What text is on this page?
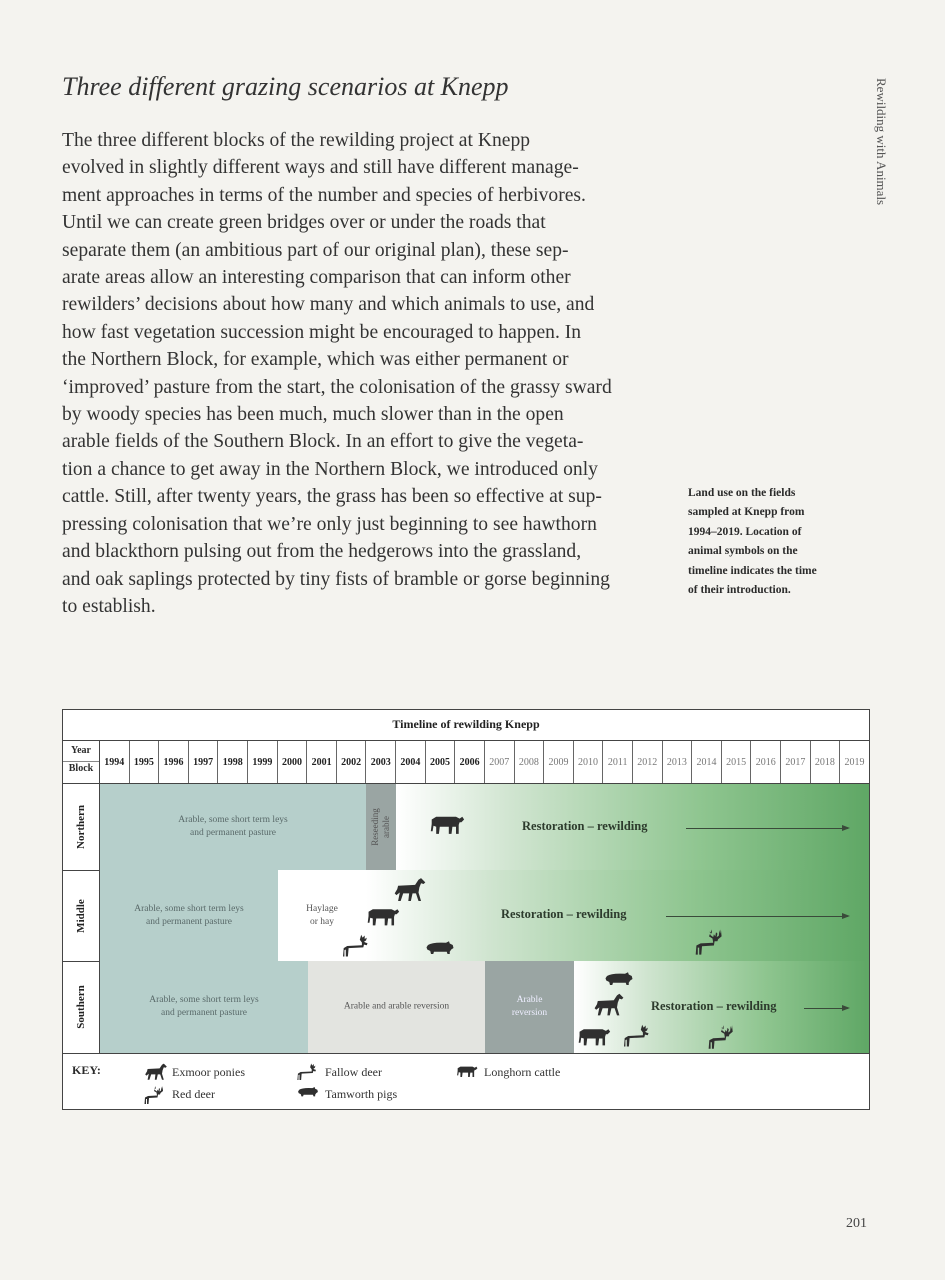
Three different grazing scenarios at Knepp	Rewilding with Animals
The three different blocks of the rewilding project at Knepp
evolved in slightly different ways and still have different manage-
ment approaches in terms of the number and species of herbivores.
Until we can create green bridges over or under the roads that
separate them (an ambitious part of our original plan), these sep-
arate areas allow an interesting comparison that can inform other
rewilders’ decisions about how many and which animals to use, and
how fast vegetation succession might be encouraged to happen. In
the Northern Block, for example, which was either permanent or
‘improved’ pasture from the start, the colonisation of the grassy sward
by woody species has been much, much slower than in the open
arable fields of the Southern Block. In an effort to give the vegeta-
tion a chance to get away in the Northern Block, we introduced only
cattle. Still, after twenty years, the grass has been so effective at sup-
pressing colonisation that we’re only just beginning to see hawthorn
and blackthorn pulsing out from the hedgerows into the grassland,
and oak saplings protected by tiny fists of bramble or gorse beginning
to establish.
Land use on the fields
sampled at Knepp from
1994–2019. Location of
animal symbols on the
timeline indicates the time
of their introduction.
Timeline of rewilding Knepp
Year
Block
1994 1995 1996 1997 1998 1999 2000 2001 2002 2003 2004 2005 2006 2007 2008 2009 2010 2011 2012 2013 2014 2015 2016 2017 2018 2019
Northern	Arable, some short term leys
and permanent pasture	Reseeding arable	Restoration – rewilding
Middle	Arable, some short term leys
and permanent pasture
Haylage
or hay
Restoration – rewilding
Southern	Arable, some short term leys
and permanent pasture
Arable and arable reversion
Arable
reversion	Restoration – rewilding
KEY:	Exmoor ponies
Red deer
Fallow deer
Tamworth pigs
Longhorn cattle
201
